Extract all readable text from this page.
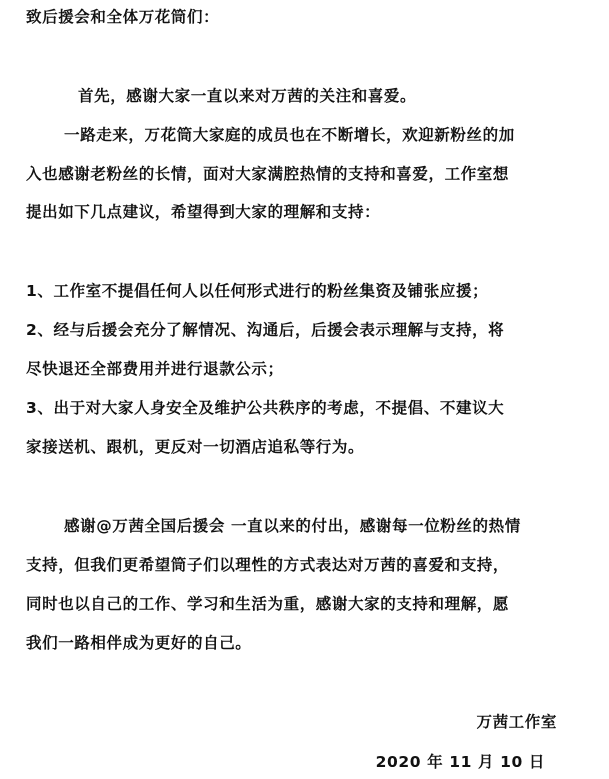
致后援会和全体万花筒们：
首先，感谢大家一直以来对万茜的关注和喜爱。
一路走来，万花筒大家庭的成员也在不断增长，欢迎新粉丝的加
入也感谢老粉丝的长情，面对大家满腔热情的支持和喜爱，工作室想
提出如下几点建议，希望得到大家的理解和支持：
1、工作室不提倡任何人以任何形式进行的粉丝集资及铺张应援；
2、经与后援会充分了解情况、沟通后，后援会表示理解与支持，将
尽快退还全部费用并进行退款公示；
3、出于对大家人身安全及维护公共秩序的考虑，不提倡、不建议大
家接送机、跟机，更反对一切酒店追私等行为。
感谢@万茜全国后援会 一直以来的付出，感谢每一位粉丝的热情
支持，但我们更希望筒子们以理性的方式表达对万茜的喜爱和支持，
同时也以自己的工作、学习和生活为重，感谢大家的支持和理解，愿
我们一路相伴成为更好的自己。
万茜工作室
2020 年 11 月 10 日
